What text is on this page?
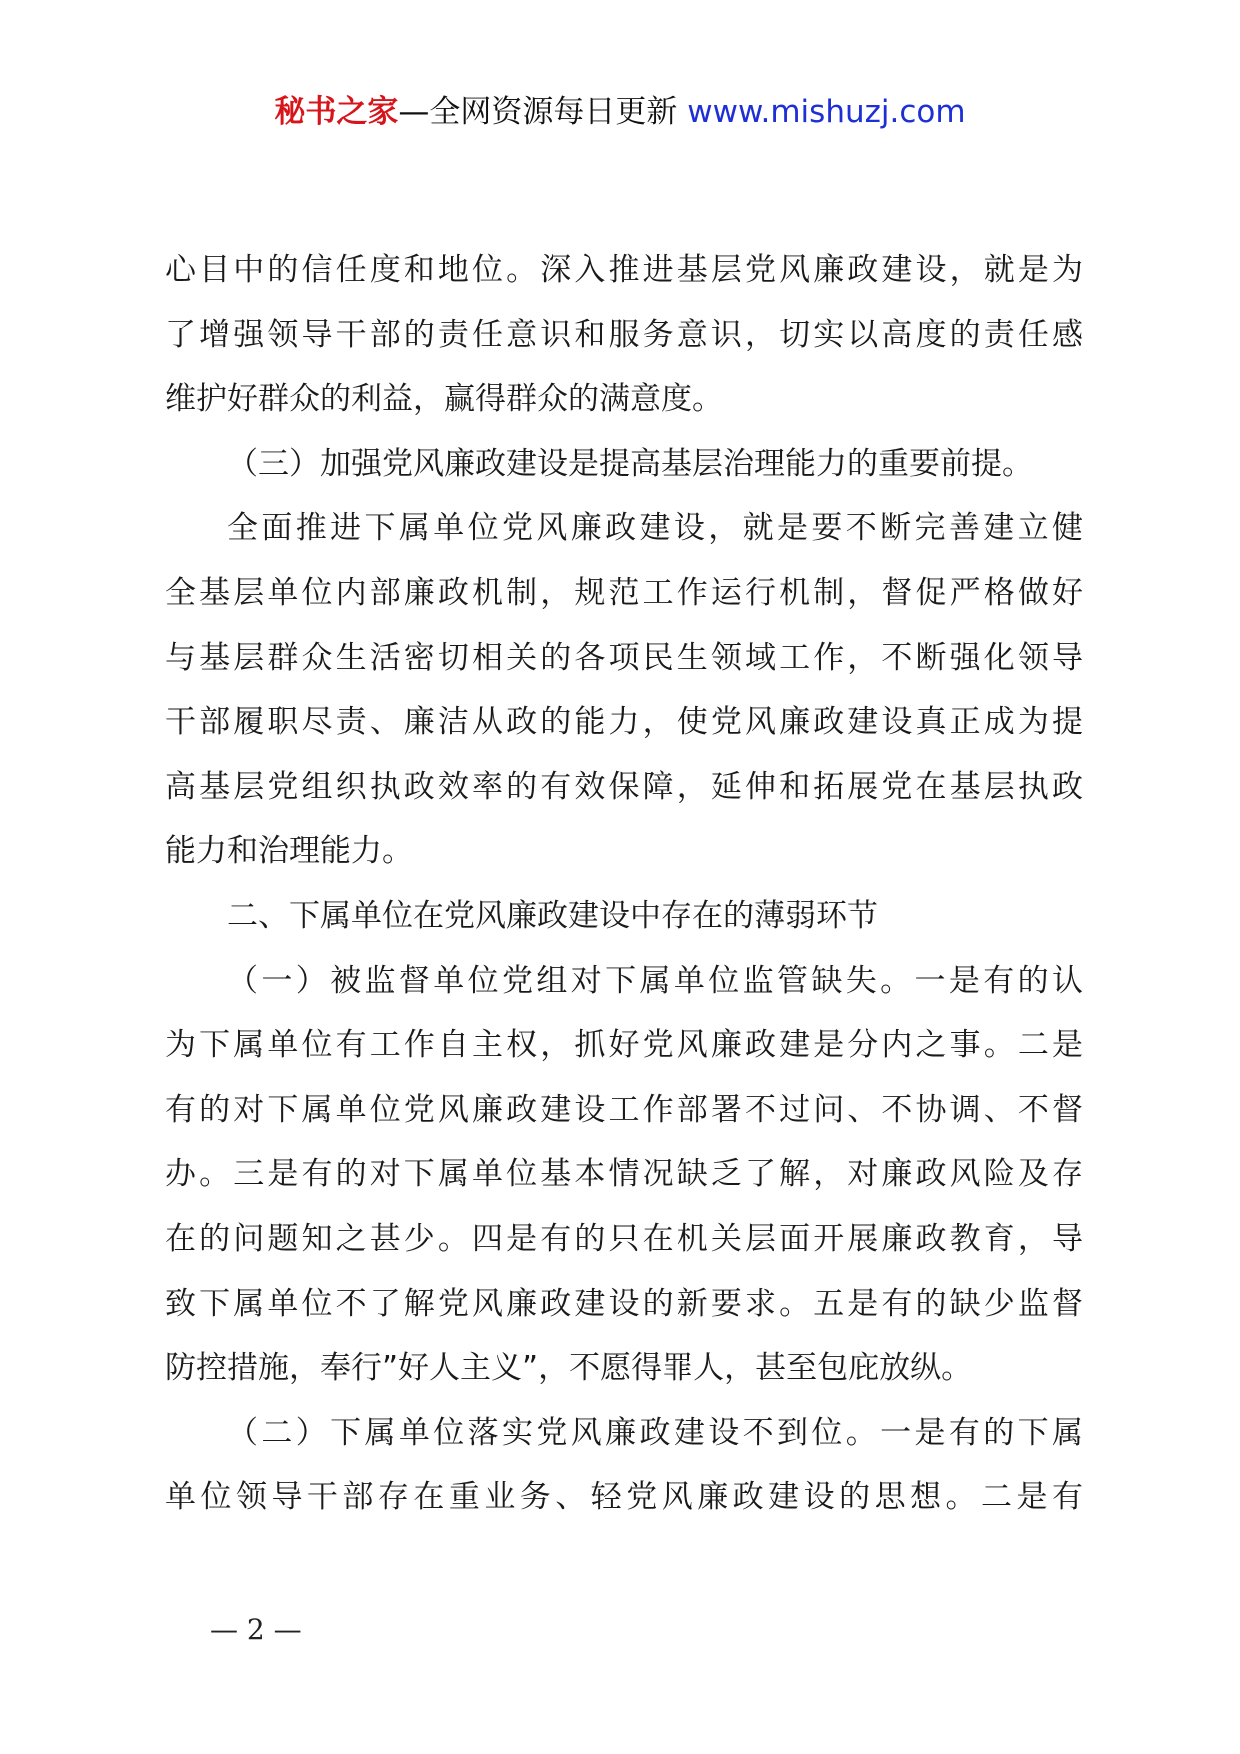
秘书之家—全网资源每日更新 www.mishuzj.com
心目中的信任度和地位。深入推进基层党风廉政建设，就是为
了增强领导干部的责任意识和服务意识，切实以高度的责任感
维护好群众的利益，赢得群众的满意度。
（三）加强党风廉政建设是提高基层治理能力的重要前提。
全面推进下属单位党风廉政建设，就是要不断完善建立健
全基层单位内部廉政机制，规范工作运行机制，督促严格做好
与基层群众生活密切相关的各项民生领域工作，不断强化领导
干部履职尽责、廉洁从政的能力，使党风廉政建设真正成为提
高基层党组织执政效率的有效保障，延伸和拓展党在基层执政
能力和治理能力。
二、下属单位在党风廉政建设中存在的薄弱环节
（一）被监督单位党组对下属单位监管缺失。一是有的认
为下属单位有工作自主权，抓好党风廉政建是分内之事。二是
有的对下属单位党风廉政建设工作部署不过问、不协调、不督
办。三是有的对下属单位基本情况缺乏了解，对廉政风险及存
在的问题知之甚少。四是有的只在机关层面开展廉政教育，导
致下属单位不了解党风廉政建设的新要求。五是有的缺少监督
防控措施，奉行”好人主义”，不愿得罪人，甚至包庇放纵。
（二）下属单位落实党风廉政建设不到位。一是有的下属
单位领导干部存在重业务、轻党风廉政建设的思想。二是有
— 2 —
